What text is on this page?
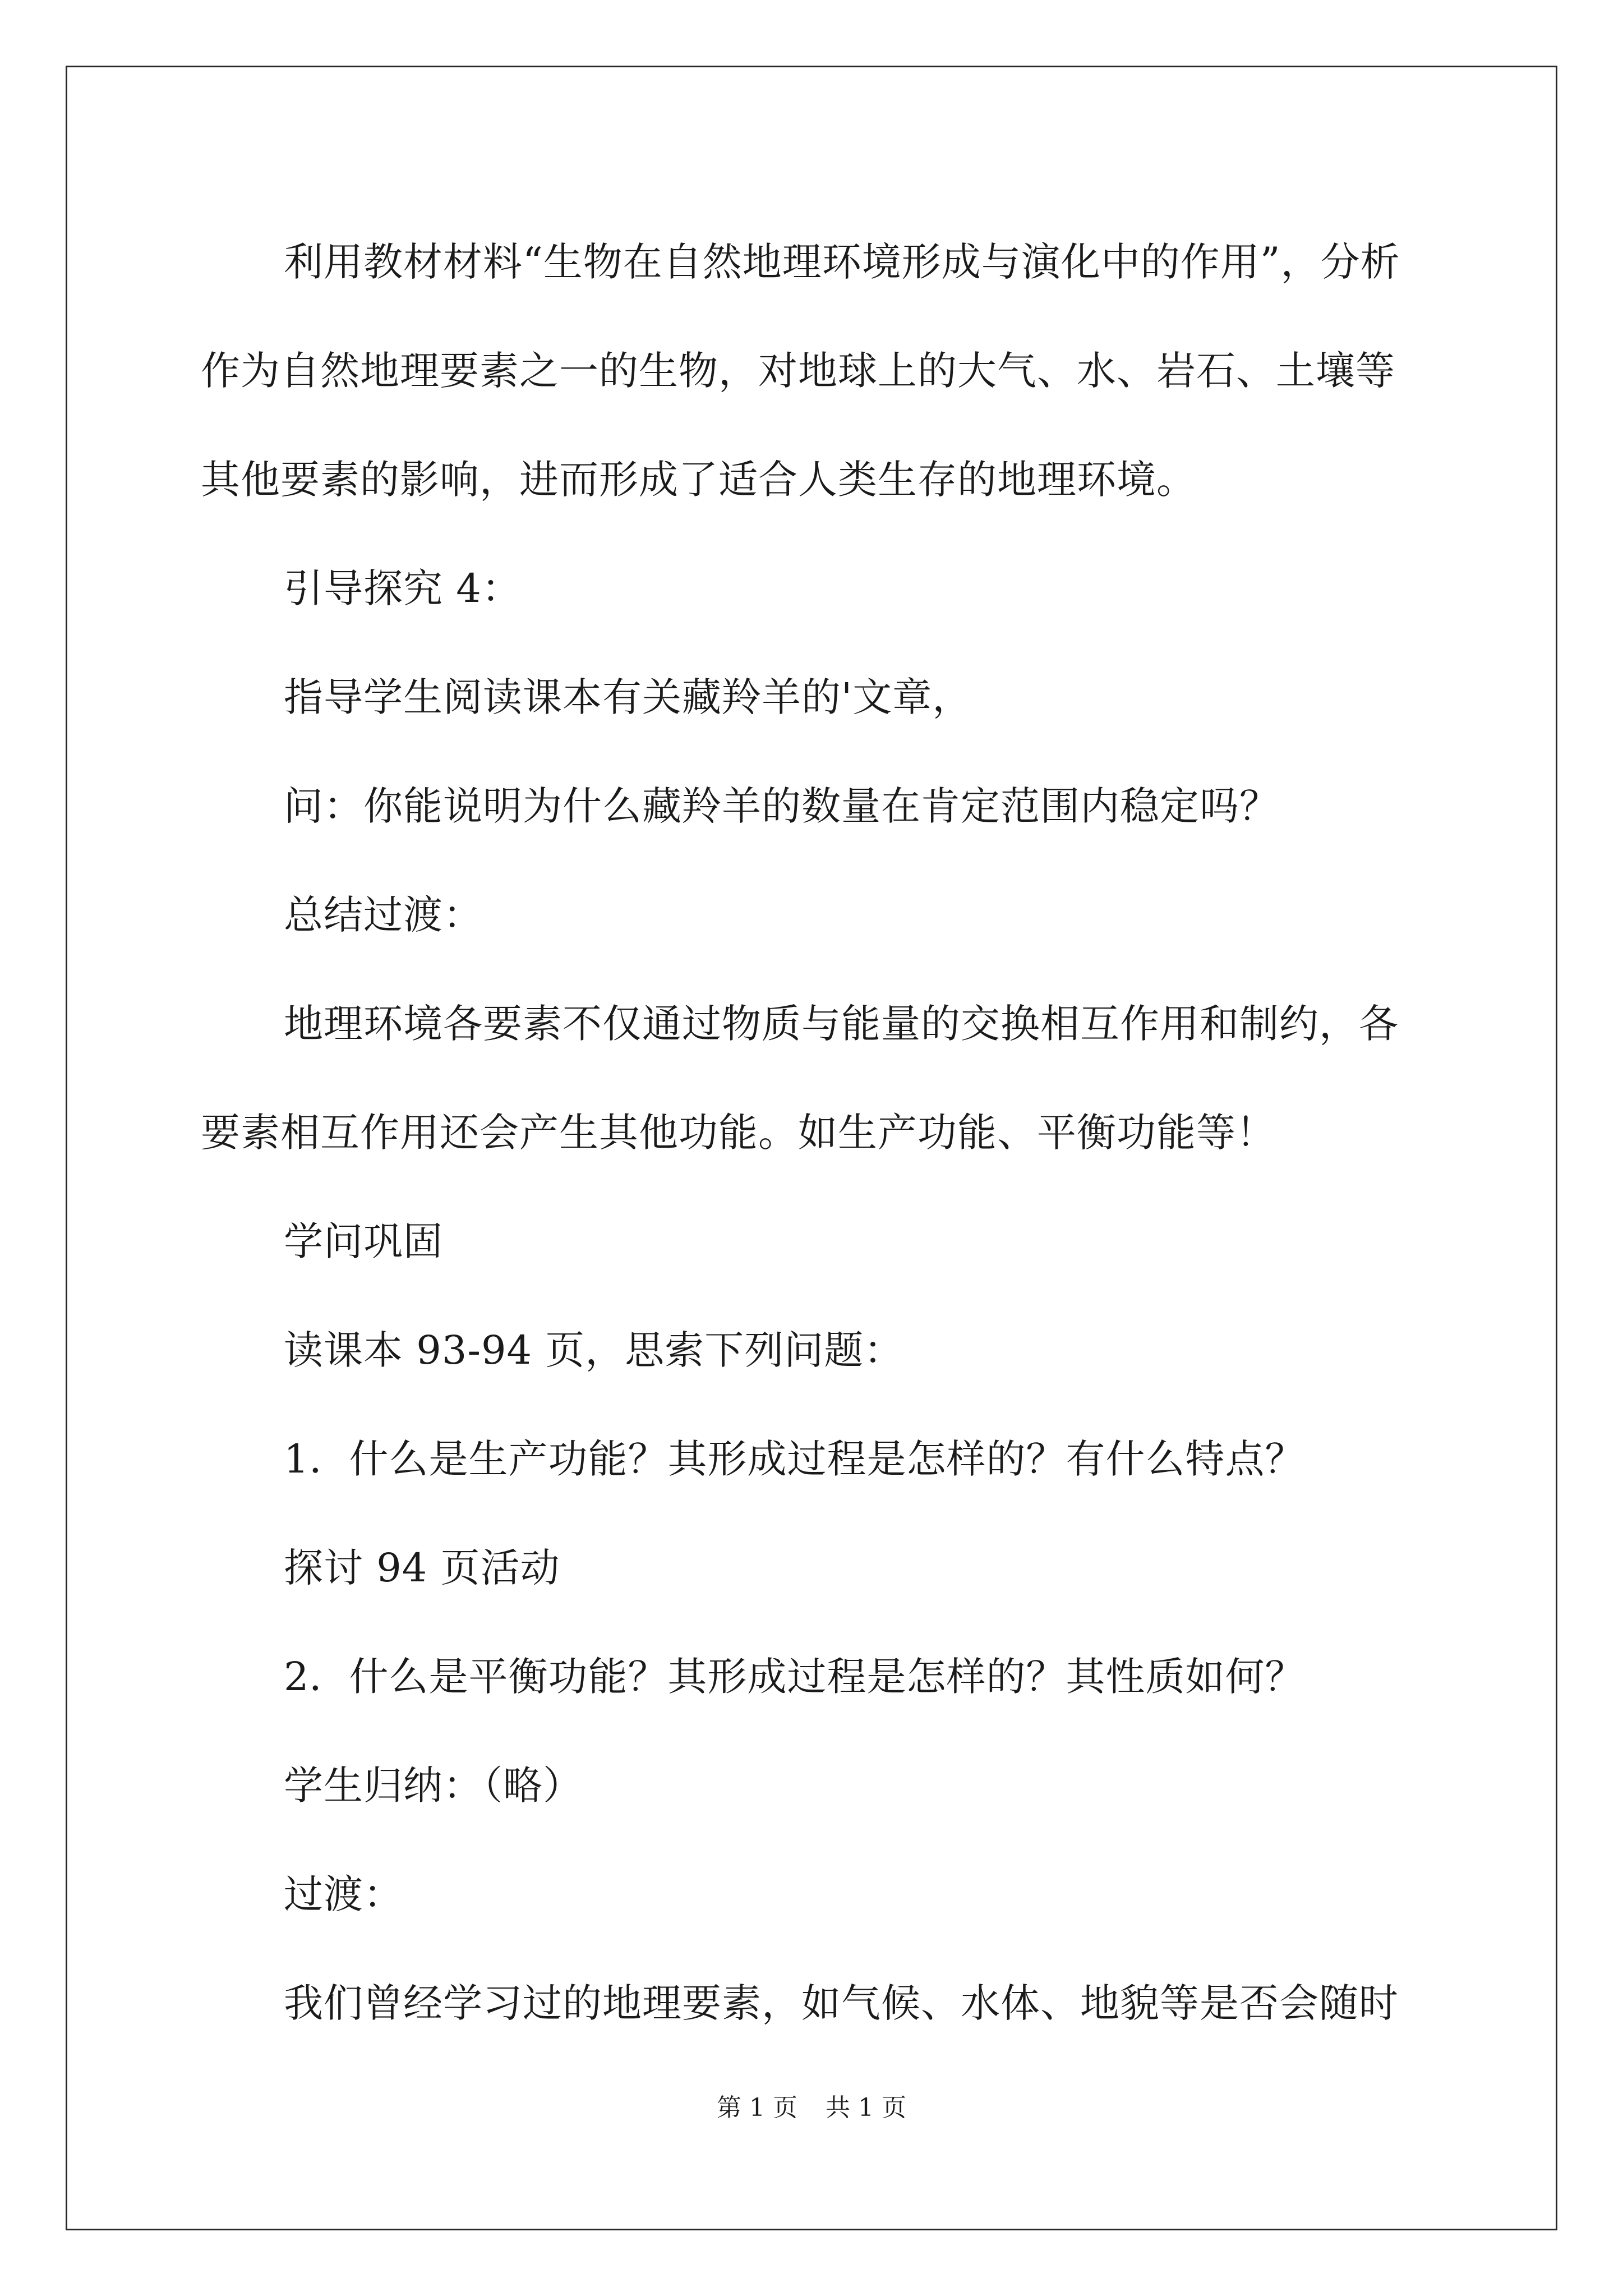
利用教材材料“生物在自然地理环境形成与演化中的作用”，分析

作为自然地理要素之一的生物，对地球上的大气、水、岩石、土壤等

其他要素的影响，进而形成了适合人类生存的地理环境。

引导探究 4：

指导学生阅读课本有关藏羚羊的'文章，

问：你能说明为什么藏羚羊的数量在肯定范围内稳定吗？

总结过渡：

地理环境各要素不仅通过物质与能量的交换相互作用和制约，各

要素相互作用还会产生其他功能。如生产功能、平衡功能等！

学问巩固

读课本 93-94 页，思索下列问题：

1．什么是生产功能？其形成过程是怎样的？有什么特点？

探讨 94 页活动

2．什么是平衡功能？其形成过程是怎样的？其性质如何？

学生归纳：（略）

过渡：

我们曾经学习过的地理要素，如气候、水体、地貌等是否会随时

第 1 页 共 1 页
